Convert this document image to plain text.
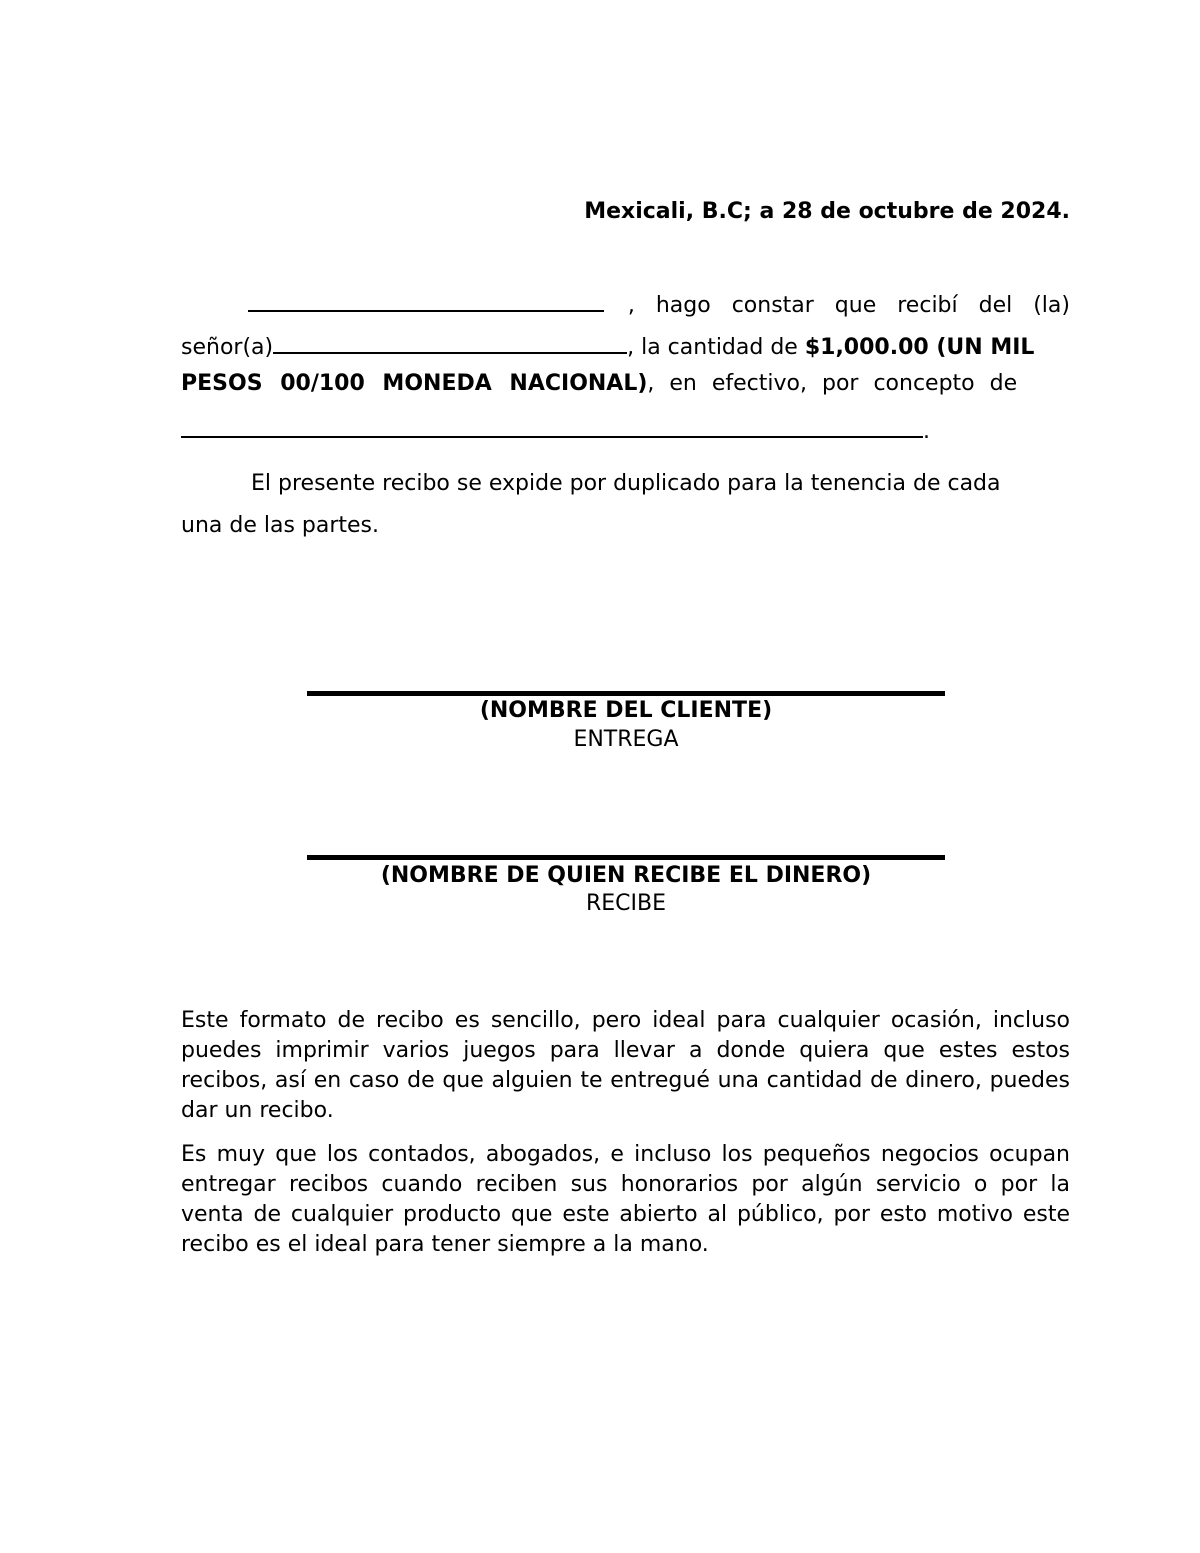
Mexicali, B.C; a 28 de octubre de 2024.
, hago constar que recibí del (la)
señor(a)	, la cantidad de $1,000.00 (UN MIL
PESOS 00/100 MONEDA NACIONAL), en efectivo, por concepto de
.
El presente recibo se expide por duplicado para la tenencia de cada
una de las partes.
(NOMBRE DEL CLIENTE)
ENTREGA
(NOMBRE DE QUIEN RECIBE EL DINERO)
RECIBE
Este formato de recibo es sencillo, pero ideal para cualquier ocasión, incluso puedes imprimir varios juegos para llevar a donde quiera que estes estos recibos, así en caso de que alguien te entregué una cantidad de dinero, puedes dar un recibo.
Es muy que los contados, abogados, e incluso los pequeños negocios ocupan entregar recibos cuando reciben sus honorarios por algún servicio o por la venta de cualquier producto que este abierto al público, por esto motivo este recibo es el ideal para tener siempre a la mano.
